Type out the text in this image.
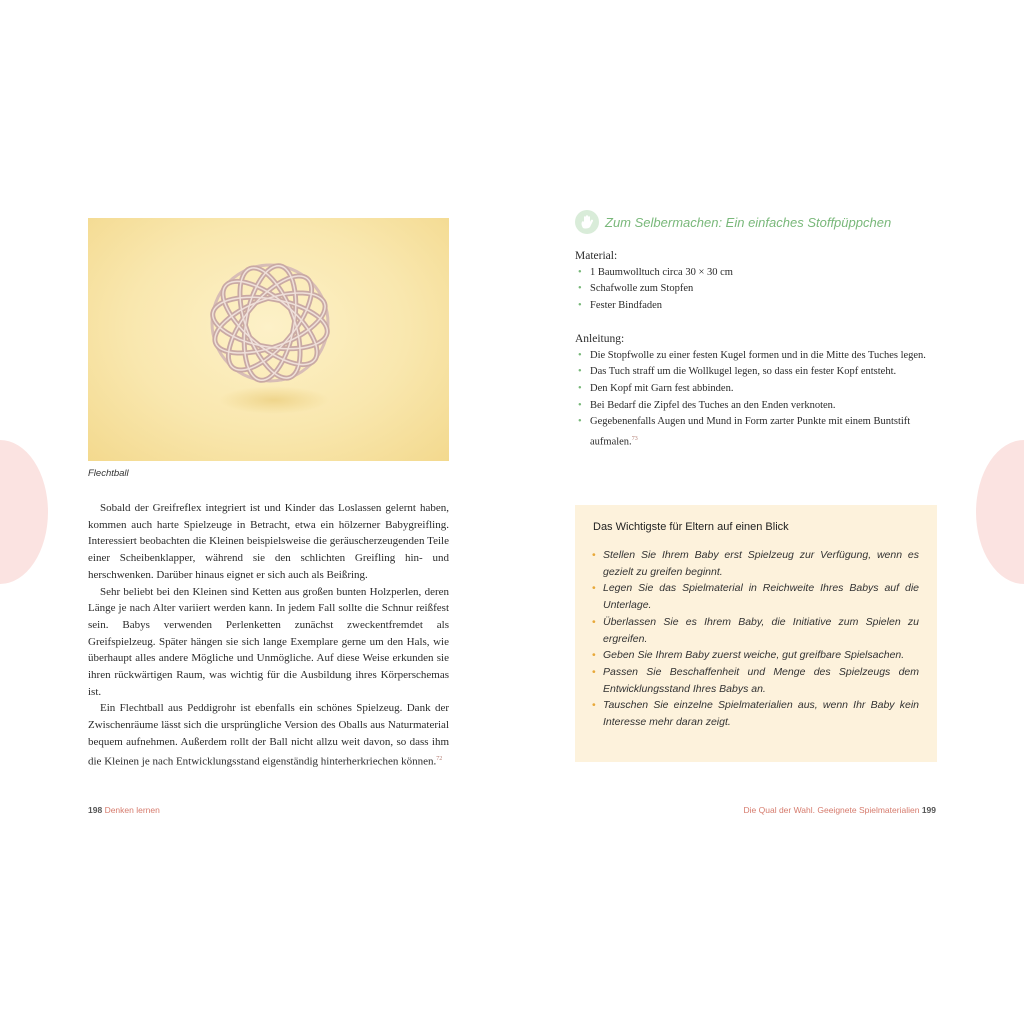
Flechtball

Sobald der Greifreflex integriert ist und Kinder das Loslassen gelernt haben, kommen auch harte Spielzeuge in Betracht, etwa ein hölzerner Babygreifling. Interessiert beobachten die Kleinen beispielsweise die geräuscherzeugenden Teile einer Scheibenklapper, während sie den schlichten Greifling hin- und herschwenken. Darüber hinaus eignet er sich auch als Beißring.

Sehr beliebt bei den Kleinen sind Ketten aus großen bunten Holzperlen, deren Länge je nach Alter variiert werden kann. In jedem Fall sollte die Schnur reißfest sein. Babys verwenden Perlenketten zunächst zweckentfremdet als Greifspielzeug. Später hängen sie sich lange Exemplare gerne um den Hals, wie überhaupt alles andere Mögliche und Unmögliche. Auf diese Weise erkunden sie ihren rückwärtigen Raum, was wichtig für die Ausbildung ihres Körperschemas ist.

Ein Flechtball aus Peddigrohr ist ebenfalls ein schönes Spielzeug. Dank der Zwischenräume lässt sich die ursprüngliche Version des Oballs aus Naturmaterial bequem aufnehmen. Außerdem rollt der Ball nicht allzu weit davon, so dass ihm die Kleinen je nach Entwicklungsstand eigenständig hinterherkriechen können.$^{72}$

198 Denken lernen
Zum Selbermachen: Ein einfaches Stoffpüppchen

Material:

• 1 Baumwolltuch circa 30 × 30 cm
• Schafwolle zum Stopfen
• Fester Bindfaden

Anleitung:

• Die Stopfwolle zu einer festen Kugel formen und in die Mitte des Tuches legen.
• Das Tuch straff um die Wollkugel legen, so dass ein fester Kopf entsteht.
• Den Kopf mit Garn fest abbinden.
• Bei Bedarf die Zipfel des Tuches an den Enden verknoten.
• Gegebenenfalls Augen und Mund in Form zarter Punkte mit einem Buntstift aufmalen.$^{73}$

Das Wichtigste für Eltern auf einen Blick

• Stellen Sie Ihrem Baby erst Spielzeug zur Verfügung, wenn es gezielt zu greifen beginnt.
• Legen Sie das Spielmaterial in Reichweite Ihres Babys auf die Unterlage.
• Überlassen Sie es Ihrem Baby, die Initiative zum Spielen zu ergreifen.
• Geben Sie Ihrem Baby zuerst weiche, gut greifbare Spielsachen.
• Passen Sie Beschaffenheit und Menge des Spielzeugs dem Entwicklungsstand Ihres Babys an.
• Tauschen Sie einzelne Spielmaterialien aus, wenn Ihr Baby kein Interesse mehr daran zeigt.
Die Qual der Wahl. Geeignete Spielmaterialien 199
